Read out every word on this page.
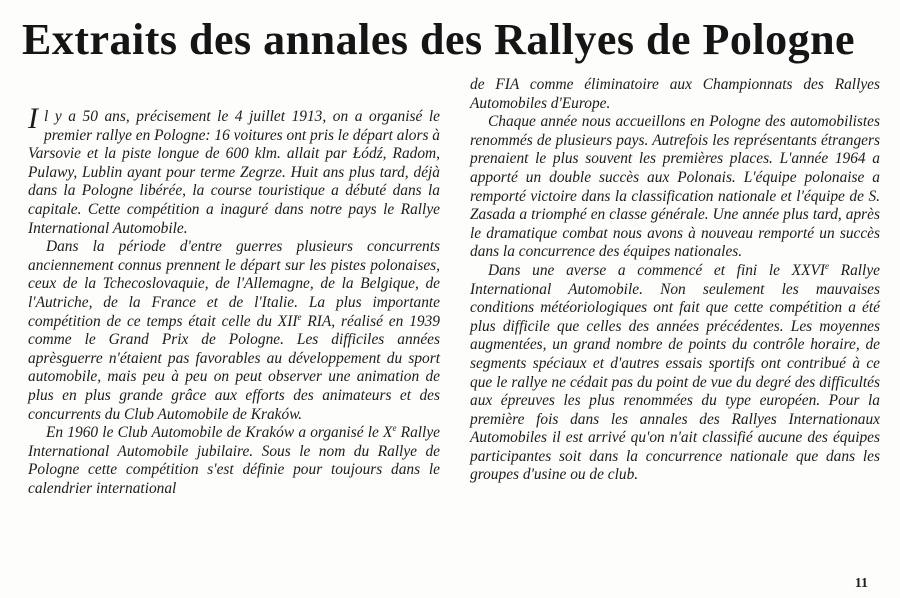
Extraits des annales des Rallyes de Pologne

Il y a 50 ans, précisement le 4 juillet 1913, on a organisé le premier rallye en Pologne: 16 voitures ont pris le départ alors à Varsovie et la piste longue de 600 klm. allait par Łódź, Radom, Pulawy, Lublin ayant pour terme Zegrze. Huit ans plus tard, déjà dans la Pologne libérée, la course touristique a débuté dans la capitale. Cette compétition a inaguré dans notre pays le Rallye International Automobile.

Dans la période d'entre guerres plusieurs concurrents anciennement connus prennent le départ sur les pistes polonaises, ceux de la Tchecoslovaquie, de l'Allemagne, de la Belgique, de l'Autriche, de la France et de l'Italie. La plus importante compétition de ce temps était celle du XIIe RIA, réalisé en 1939 comme le Grand Prix de Pologne. Les difficiles années aprèsguerre n'étaient pas favorables au développement du sport automobile, mais peu à peu on peut observer une animation de plus en plus grande grâce aux efforts des animateurs et des concurrents du Club Automobile de Kraków.

En 1960 le Club Automobile de Kraków a organisé le Xe Rallye International Automobile jubilaire. Sous le nom du Rallye de Pologne cette compétition s'est définie pour toujours dans le calendrier international

de FIA comme éliminatoire aux Championnats des Rallyes Automobiles d'Europe.

Chaque année nous accueillons en Pologne des automobilistes renommés de plusieurs pays. Autrefois les représentants étrangers prenaient le plus souvent les premières places. L'année 1964 a apporté un double succès aux Polonais. L'équipe polonaise a remporté victoire dans la classification nationale et l'équipe de S. Zasada a triomphé en classe générale. Une année plus tard, après le dramatique combat nous avons à nouveau remporté un succès dans la concurrence des équipes nationales.

Dans une averse a commencé et fini le XXVIe Rallye International Automobile. Non seulement les mauvaises conditions météoriologiques ont fait que cette compétition a été plus difficile que celles des années précédentes. Les moyennes augmentées, un grand nombre de points du contrôle horaire, de segments spéciaux et d'autres essais sportifs ont contribué à ce que le rallye ne cédait pas du point de vue du degré des difficultés aux épreuves les plus renommées du type européen. Pour la première fois dans les annales des Rallyes Internationaux Automobiles il est arrivé qu'on n'ait classifié aucune des équipes participantes soit dans la concurrence nationale que dans les groupes d'usine ou de club.

11
